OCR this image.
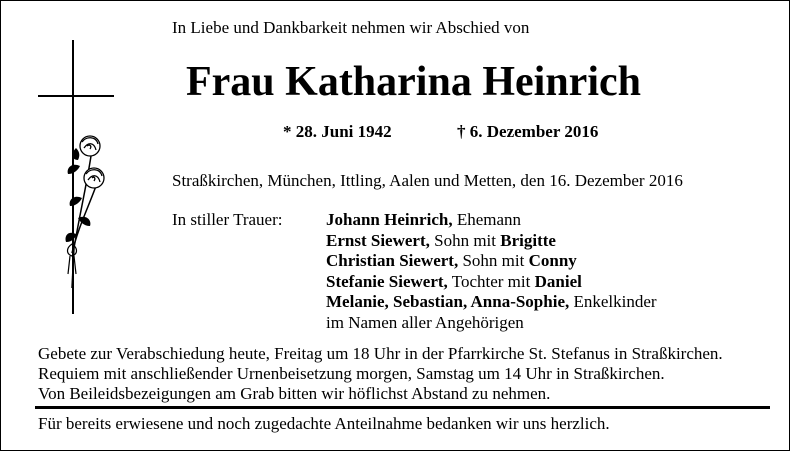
In Liebe und Dankbarkeit nehmen wir Abschied von
Frau Katharina Heinrich
* 28. Juni 1942	† 6. Dezember 2016
Straßkirchen, München, Ittling, Aalen und Metten, den 16. Dezember 2016
In stiller Trauer:	Johann Heinrich, Ehemann
Ernst Siewert, Sohn mit Brigitte
Christian Siewert, Sohn mit Conny
Stefanie Siewert, Tochter mit Daniel
Melanie, Sebastian, Anna-Sophie, Enkelkinder
im Namen aller Angehörigen
Gebete zur Verabschiedung heute, Freitag um 18 Uhr in der Pfarrkirche St. Stefanus in Straßkirchen.
Requiem mit anschließender Urnenbeisetzung morgen, Samstag um 14 Uhr in Straßkirchen.
Von Beileidsbezeigungen am Grab bitten wir höflichst Abstand zu nehmen.
Für bereits erwiesene und noch zugedachte Anteilnahme bedanken wir uns herzlich.
